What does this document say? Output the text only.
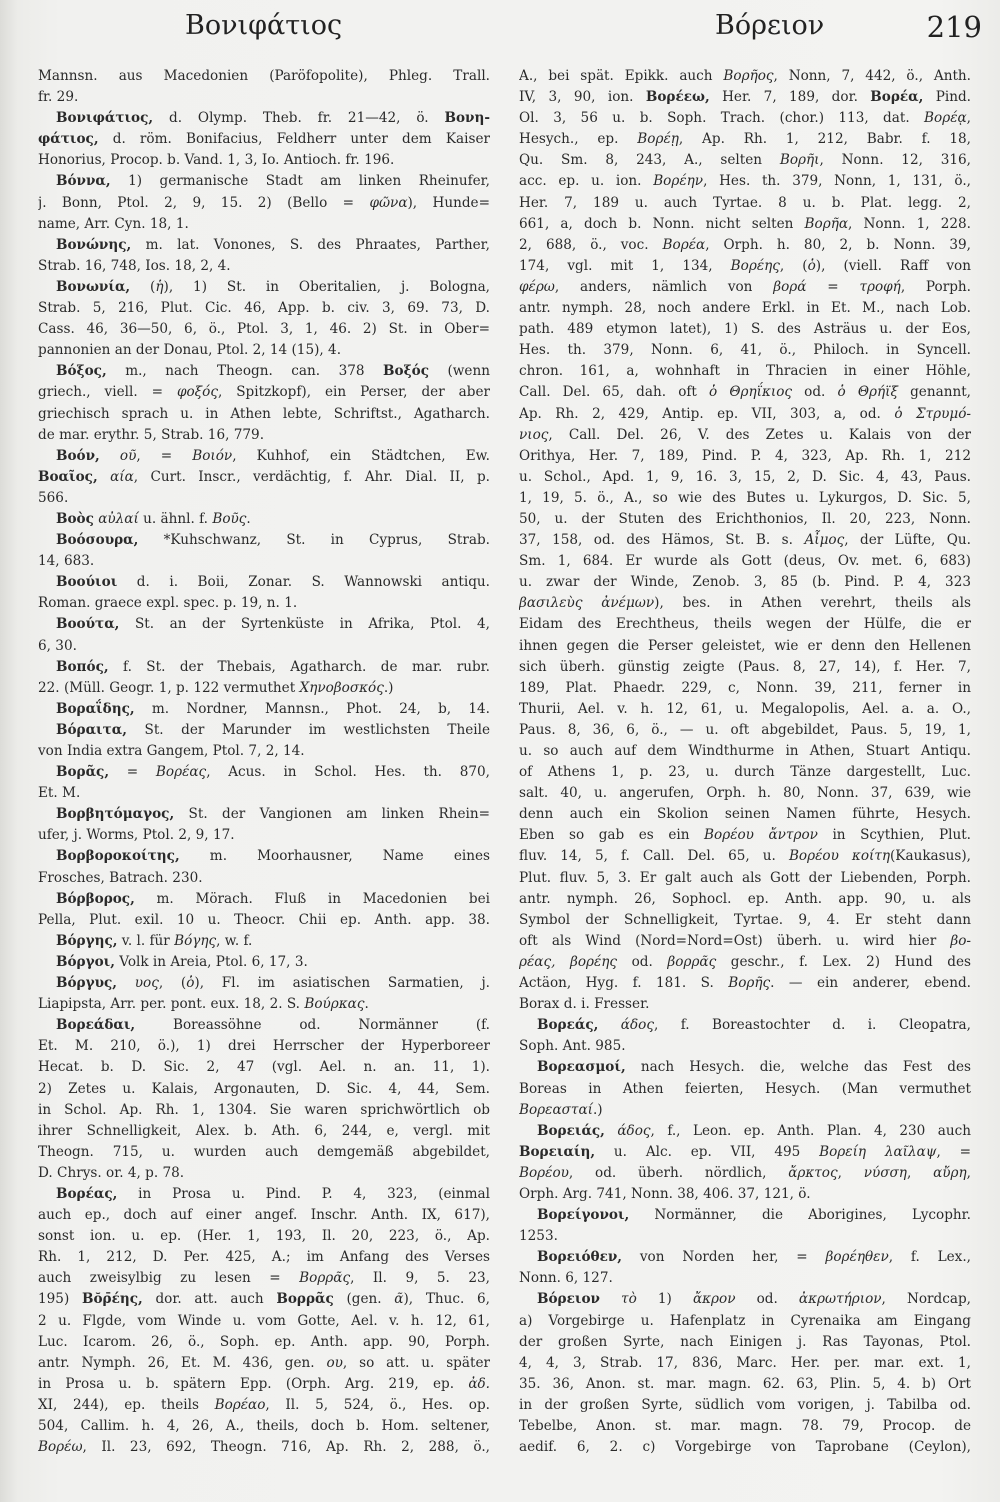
Βονιφάτιος	Βόρειον	219
Mannsn. aus Macedonien (Paröfopolite), Phleg. Trall.
fr. 29.
Βονιφάτιος, d. Olymp. Theb. fr. 21—42, ö. Βονη-
φάτιος, d. röm. Bonifacius, Feldherr unter dem Kaiser
Honorius, Procop. b. Vand. 1, 3, Io. Antioch. fr. 196.
Βόννα, 1) germanische Stadt am linken Rheinufer,
j. Bonn, Ptol. 2, 9, 15. 2) (Bello = φῶνα), Hunde=
name, Arr. Cyn. 18, 1.
Βονώνης, m. lat. Vonones, S. des Phraates, Parther,
Strab. 16, 748, Ios. 18, 2, 4.
Βονωνία, (ἡ), 1) St. in Oberitalien, j. Bologna,
Strab. 5, 216, Plut. Cic. 46, App. b. civ. 3, 69. 73, D.
Cass. 46, 36—50, 6, ö., Ptol. 3, 1, 46. 2) St. in Ober=
pannonien an der Donau, Ptol. 2, 14 (15), 4.
Βόξος, m., nach Theogn. can. 378 Βοξός (wenn
griech., viell. = φοξός, Spitzkopf), ein Perser, der aber
griechisch sprach u. in Athen lebte, Schriftst., Agatharch.
de mar. erythr. 5, Strab. 16, 779.
Βοόν, οῦ, = Βοιόν, Kuhhof, ein Städtchen, Ew.
Βοαῖος, αία, Curt. Inscr., verdächtig, f. Ahr. Dial. II, p.
566.
Βοὸς αὐλαί u. ähnl. f. Βοῦς.
Βοόσουρα, *Kuhschwanz, St. in Cyprus, Strab.
14, 683.
Βοούιοι d. i. Boii, Zonar. S. Wannowski antiqu.
Roman. graece expl. spec. p. 19, n. 1.
Βοούτα, St. an der Syrtenküste in Afrika, Ptol. 4,
6, 30.
Βοπός, f. St. der Thebais, Agatharch. de mar. rubr.
22. (Müll. Geogr. 1, p. 122 vermuthet Χηνοβοσκός.)
Βοραΐδης, m. Nordner, Mannsn., Phot. 24, b, 14.
Βόραιτα, St. der Marunder im westlichsten Theile
von India extra Gangem, Ptol. 7, 2, 14.
Βορᾶς, = Βορέας, Acus. in Schol. Hes. th. 870,
Et. M.
Βορβητόμαγος, St. der Vangionen am linken Rhein=
ufer, j. Worms, Ptol. 2, 9, 17.
Βορβοροκοίτης, m. Moorhausner, Name eines
Frosches, Batrach. 230.
Βόρβορος, m. Mörach. Fluß in Macedonien bei
Pella, Plut. exil. 10 u. Theocr. Chii ep. Anth. app. 38.
Βόργης, v. l. für Βόγης, w. f.
Βόργοι, Volk in Areia, Ptol. 6, 17, 3.
Βόργυς, υος, (ὁ), Fl. im asiatischen Sarmatien, j.
Liapipsta, Arr. per. pont. eux. 18, 2. S. Βούρκας.
Βορεάδαι, Boreassöhne od. Normänner (f.
Et. M. 210, ö.), 1) drei Herrscher der Hyperboreer
Hecat. b. D. Sic. 2, 47 (vgl. Ael. n. an. 11, 1).
2) Zetes u. Kalais, Argonauten, D. Sic. 4, 44, Sem.
in Schol. Ap. Rh. 1, 1304. Sie waren sprichwörtlich ob
ihrer Schnelligkeit, Alex. b. Ath. 6, 244, e, vergl. mit
Theogn. 715, u. wurden auch demgemäß abgebildet,
D. Chrys. or. 4, p. 78.
Βορέας, in Prosa u. Pind. P. 4, 323, (einmal
auch ep., doch auf einer angef. Inschr. Anth. IX, 617),
sonst ion. u. ep. (Her. 1, 193, Il. 20, 223, ö., Ap.
Rh. 1, 212, D. Per. 425, A.; im Anfang des Verses
auch zweisylbig zu lesen = Βορρᾶς, Il. 9, 5. 23,
195) Βŏρ̄έης, dor. att. auch Βορρᾶς (gen. ᾶ), Thuc. 6,
2 u. Flgde, vom Winde u. vom Gotte, Ael. v. h. 12, 61,
Luc. Icarom. 26, ö., Soph. ep. Anth. app. 90, Porph.
antr. Nymph. 26, Et. M. 436, gen. ου, so att. u. später
in Prosa u. b. spätern Epp. (Orph. Arg. 219, ep. ἀδ.
XI, 244), ep. theils Βορέαο, Il. 5, 524, ö., Hes. op.
504, Callim. h. 4, 26, A., theils, doch b. Hom. seltener,
Βορέω, Il. 23, 692, Theogn. 716, Ap. Rh. 2, 288, ö.,
A., bei spät. Epikk. auch Βορῆος, Nonn, 7, 442, ö., Anth.
IV, 3, 90, ion. Βορέεω, Her. 7, 189, dor. Βορέα, Pind.
Ol. 3, 56 u. b. Soph. Trach. (chor.) 113, dat. Βορέᾳ,
Hesych., ep. Βορέῃ, Ap. Rh. 1, 212, Babr. f. 18,
Qu. Sm. 8, 243, A., selten Βορῆι, Nonn. 12, 316,
acc. ep. u. ion. Βορέην, Hes. th. 379, Nonn, 1, 131, ö.,
Her. 7, 189 u. auch Tyrtae. 8 u. b. Plat. legg. 2,
661, a, doch b. Nonn. nicht selten Βορῆα, Nonn. 1, 228.
2, 688, ö., voc. Βορέα, Orph. h. 80, 2, b. Nonn. 39,
174, vgl. mit 1, 134, Βορέης, (ὁ), (viell. Raff von
φέρω, anders, nämlich von βορά = τροφή, Porph.
antr. nymph. 28, noch andere Erkl. in Et. M., nach Lob.
path. 489 etymon latet), 1) S. des Asträus u. der Eos,
Hes. th. 379, Nonn. 6, 41, ö., Philoch. in Syncell.
chron. 161, a, wohnhaft in Thracien in einer Höhle,
Call. Del. 65, dah. oft ὁ Θρηΐκιος od. ὁ Θρήϊξ genannt,
Ap. Rh. 2, 429, Antip. ep. VII, 303, a, od. ὁ Στρυμό-
νιος, Call. Del. 26, V. des Zetes u. Kalais von der
Orithya, Her. 7, 189, Pind. P. 4, 323, Ap. Rh. 1, 212
u. Schol., Apd. 1, 9, 16. 3, 15, 2, D. Sic. 4, 43, Paus.
1, 19, 5. ö., A., so wie des Butes u. Lykurgos, D. Sic. 5,
50, u. der Stuten des Erichthonios, Il. 20, 223, Nonn.
37, 158, od. des Hämos, St. B. s. Αἶμος, der Lüfte, Qu.
Sm. 1, 684. Er wurde als Gott (deus, Ov. met. 6, 683)
u. zwar der Winde, Zenob. 3, 85 (b. Pind. P. 4, 323
βασιλεὺς ἀνέμων), bes. in Athen verehrt, theils als
Eidam des Erechtheus, theils wegen der Hülfe, die er
ihnen gegen die Perser geleistet, wie er denn den Hellenen
sich überh. günstig zeigte (Paus. 8, 27, 14), f. Her. 7,
189, Plat. Phaedr. 229, c, Nonn. 39, 211, ferner in
Thurii, Ael. v. h. 12, 61, u. Megalopolis, Ael. a. a. O.,
Paus. 8, 36, 6, ö., — u. oft abgebildet, Paus. 5, 19, 1,
u. so auch auf dem Windthurme in Athen, Stuart Antiqu.
of Athens 1, p. 23, u. durch Tänze dargestellt, Luc.
salt. 40, u. angerufen, Orph. h. 80, Nonn. 37, 639, wie
denn auch ein Skolion seinen Namen führte, Hesych.
Eben so gab es ein Βορέου ἄντρον in Scythien, Plut.
fluv. 14, 5, f. Call. Del. 65, u. Βορέου κοίτη(Kaukasus),
Plut. fluv. 5, 3. Er galt auch als Gott der Liebenden, Porph.
antr. nymph. 26, Sophocl. ep. Anth. app. 90, u. als
Symbol der Schnelligkeit, Tyrtae. 9, 4. Er steht dann
oft als Wind (Nord=Nord=Ost) überh. u. wird hier βο-
ρέας, βορέης od. βορρᾶς geschr., f. Lex. 2) Hund des
Actäon, Hyg. f. 181. S. Βορῆς. — ein anderer, ebend.
Borax d. i. Fresser.
Βορεάς, άδος, f. Boreastochter d. i. Cleopatra,
Soph. Ant. 985.
Βορεασμοί, nach Hesych. die, welche das Fest des
Boreas in Athen feierten, Hesych. (Man vermuthet
Βορεασταί.)
Βορειάς, άδος, f., Leon. ep. Anth. Plan. 4, 230 auch
Βορειαίη, u. Alc. ep. VII, 495 Βορείη λαῖλαψ, =
Βορέου, od. überh. nördlich, ἄρκτος, νύσση, αὔρη,
Orph. Arg. 741, Nonn. 38, 406. 37, 121, ö.
Βορείγονοι, Normänner, die Aborigines, Lycophr.
1253.
Βορειόθεν, von Norden her, = βορέηθεν, f. Lex.,
Nonn. 6, 127.
Βόρειον τὸ 1) ἄκρον od. ἀκρωτήριον, Nordcap,
a) Vorgebirge u. Hafenplatz in Cyrenaika am Eingang
der großen Syrte, nach Einigen j. Ras Tayonas, Ptol.
4, 4, 3, Strab. 17, 836, Marc. Her. per. mar. ext. 1,
35. 36, Anon. st. mar. magn. 62. 63, Plin. 5, 4. b) Ort
in der großen Syrte, südlich vom vorigen, j. Tabilba od.
Tebelbe, Anon. st. mar. magn. 78. 79, Procop. de
aedif. 6, 2. c) Vorgebirge von Taprobane (Ceylon),
